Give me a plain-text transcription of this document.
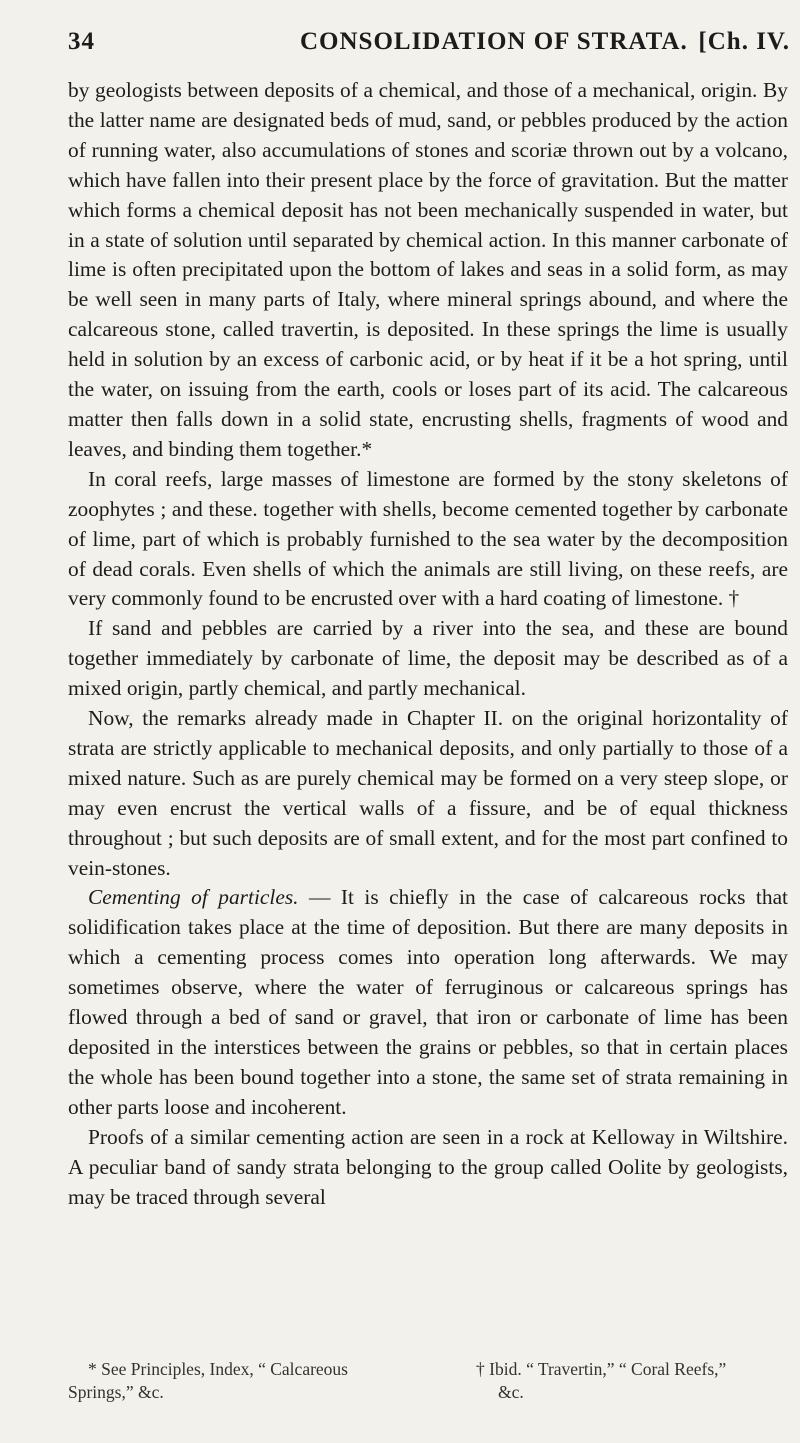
34	CONSOLIDATION OF STRATA. [Ch. IV.

by geologists between deposits of a chemical, and those of a mechanical, origin. By the latter name are designated beds of mud, sand, or pebbles produced by the action of running water, also accumulations of stones and scoriæ thrown out by a volcano, which have fallen into their present place by the force of gravitation. But the matter which forms a chemical deposit has not been mechanically suspended in water, but in a state of solution until separated by chemical action. In this manner carbonate of lime is often precipitated upon the bottom of lakes and seas in a solid form, as may be well seen in many parts of Italy, where mineral springs abound, and where the calcareous stone, called travertin, is deposited. In these springs the lime is usually held in solution by an excess of carbonic acid, or by heat if it be a hot spring, until the water, on issuing from the earth, cools or loses part of its acid. The calcareous matter then falls down in a solid state, encrusting shells, fragments of wood and leaves, and binding them together.*

In coral reefs, large masses of limestone are formed by the stony skeletons of zoophytes ; and these. together with shells, become cemented together by carbonate of lime, part of which is probably furnished to the sea water by the decomposition of dead corals. Even shells of which the animals are still living, on these reefs, are very commonly found to be encrusted over with a hard coating of limestone. †

If sand and pebbles are carried by a river into the sea, and these are bound together immediately by carbonate of lime, the deposit may be described as of a mixed origin, partly chemical, and partly mechanical.

Now, the remarks already made in Chapter II. on the original horizontality of strata are strictly applicable to mechanical deposits, and only partially to those of a mixed nature. Such as are purely chemical may be formed on a very steep slope, or may even encrust the vertical walls of a fissure, and be of equal thickness throughout ; but such deposits are of small extent, and for the most part confined to vein-stones.

Cementing of particles. — It is chiefly in the case of calcareous rocks that solidification takes place at the time of deposition. But there are many deposits in which a cementing process comes into operation long afterwards. We may sometimes observe, where the water of ferruginous or calcareous springs has flowed through a bed of sand or gravel, that iron or carbonate of lime has been deposited in the interstices between the grains or pebbles, so that in certain places the whole has been bound together into a stone, the same set of strata remaining in other parts loose and incoherent.

Proofs of a similar cementing action are seen in a rock at Kelloway in Wiltshire. A peculiar band of sandy strata belonging to the group called Oolite by geologists, may be traced through several

* See Principles, Index, “ Calcareous
Springs,” &c.
† Ibid. “ Travertin,” “ Coral Reefs,”
&c.
